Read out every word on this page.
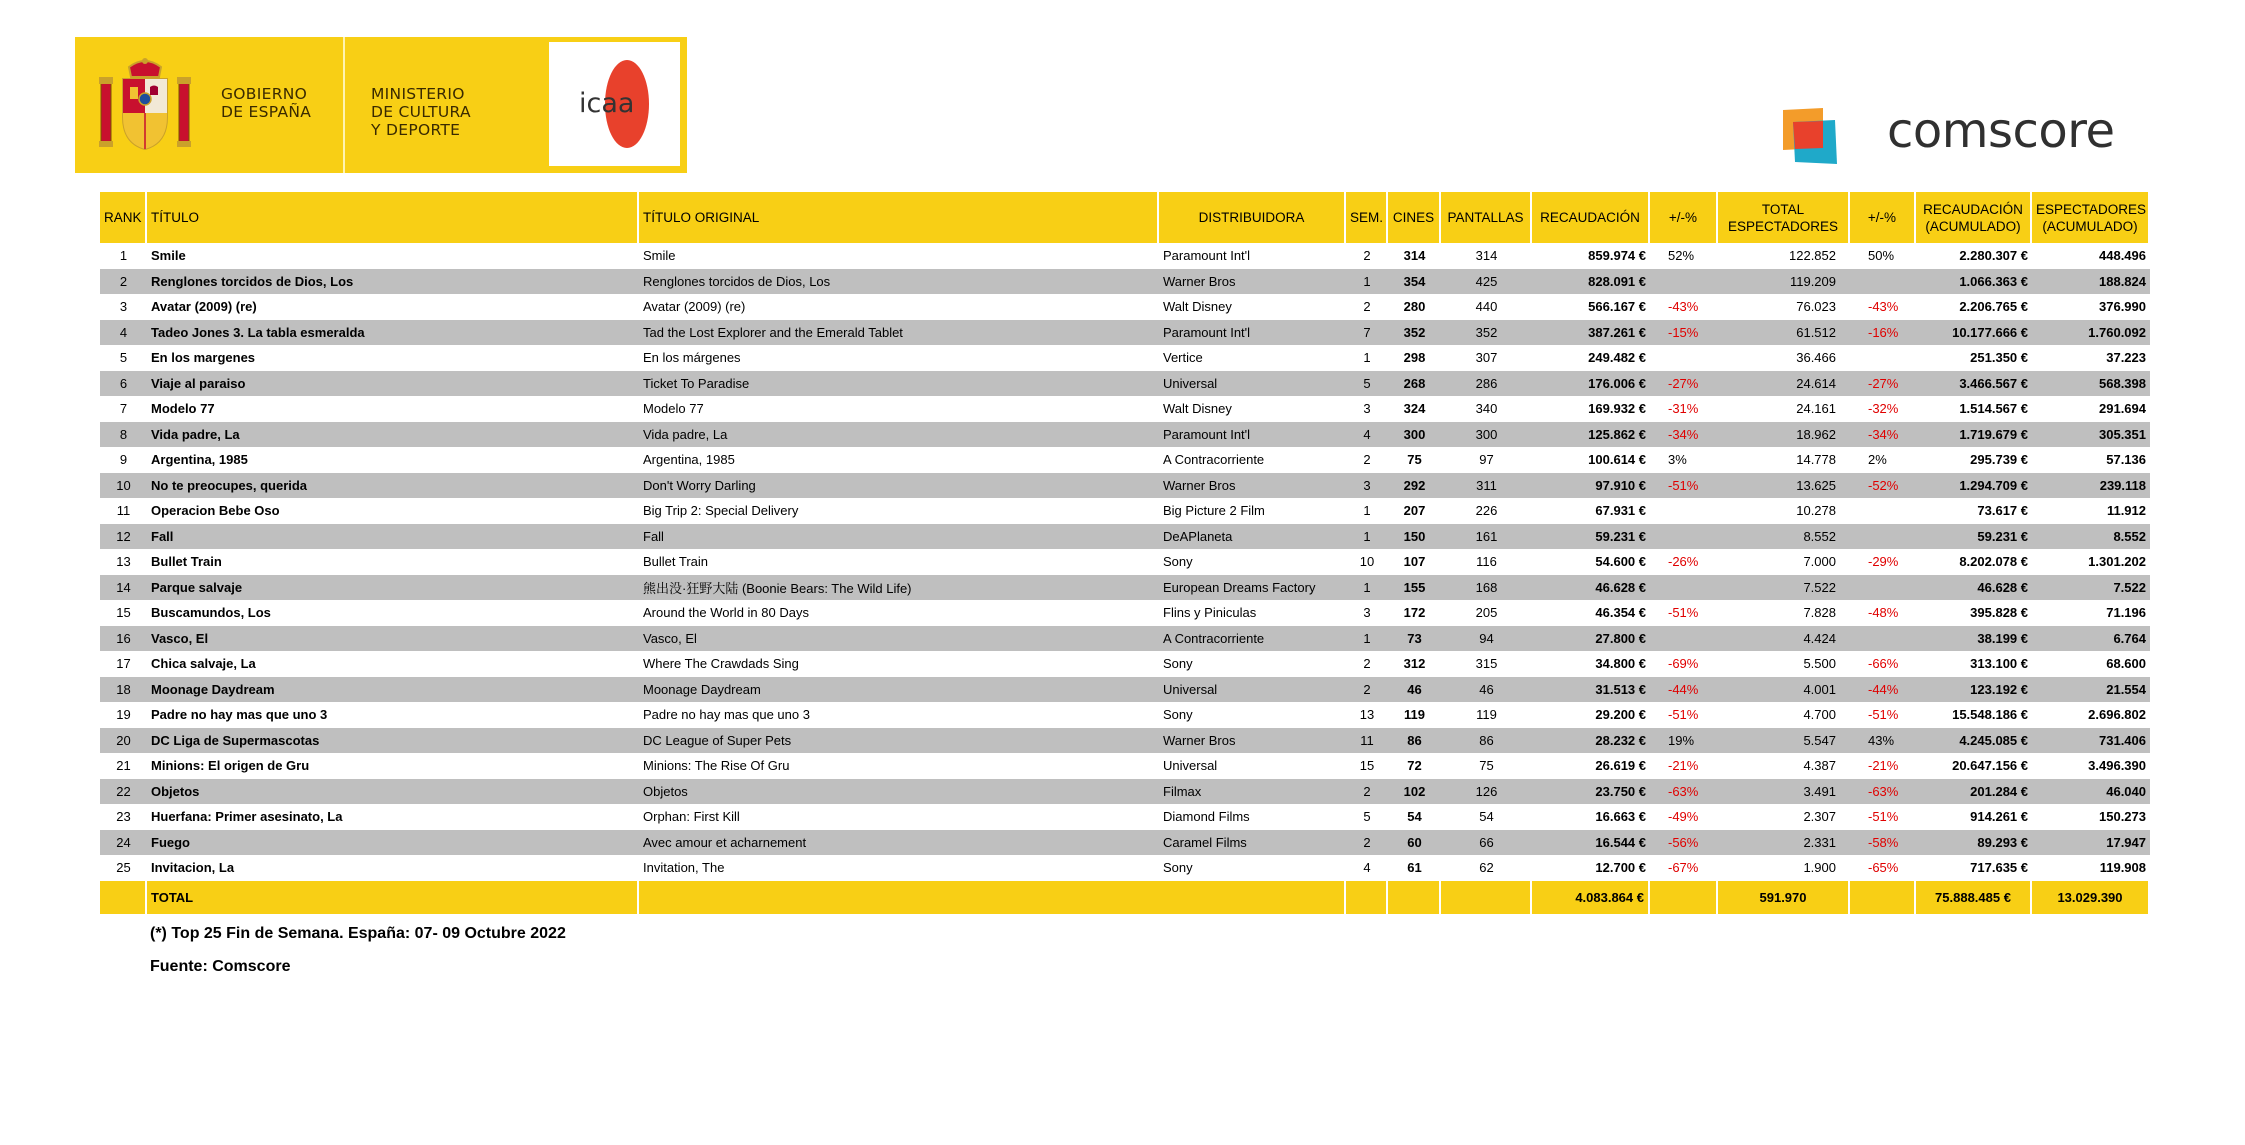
GOBIERNO
DE ESPAÑA
MINISTERIO
DE CULTURA
Y DEPORTE
icaa	comscore
RANK	TÍTULO	TÍTULO ORIGINAL	DISTRIBUIDORA	SEM.	CINES	PANTALLAS	RECAUDACIÓN	+/-%	TOTAL ESPECTADORES	+/-%	RECAUDACIÓN (ACUMULADO)	ESPECTADORES (ACUMULADO)
1	Smile	Smile	Paramount Int'l	2	314	314	859.974 €	52%	122.852	50%	2.280.307 €	448.496
2	Renglones torcidos de Dios, Los	Renglones torcidos de Dios, Los	Warner Bros	1	354	425	828.091 €		119.209		1.066.363 €	188.824
3	Avatar (2009) (re)	Avatar (2009) (re)	Walt Disney	2	280	440	566.167 €	-43%	76.023	-43%	2.206.765 €	376.990
4	Tadeo Jones 3. La tabla esmeralda	Tad the Lost Explorer and the Emerald Tablet	Paramount Int'l	7	352	352	387.261 €	-15%	61.512	-16%	10.177.666 €	1.760.092
5	En los margenes	En los márgenes	Vertice	1	298	307	249.482 €		36.466		251.350 €	37.223
6	Viaje al paraiso	Ticket To Paradise	Universal	5	268	286	176.006 €	-27%	24.614	-27%	3.466.567 €	568.398
7	Modelo 77	Modelo 77	Walt Disney	3	324	340	169.932 €	-31%	24.161	-32%	1.514.567 €	291.694
8	Vida padre, La	Vida padre, La	Paramount Int'l	4	300	300	125.862 €	-34%	18.962	-34%	1.719.679 €	305.351
9	Argentina, 1985	Argentina, 1985	A Contracorriente	2	75	97	100.614 €	3%	14.778	2%	295.739 €	57.136
10	No te preocupes, querida	Don't Worry Darling	Warner Bros	3	292	311	97.910 €	-51%	13.625	-52%	1.294.709 €	239.118
11	Operacion Bebe Oso	Big Trip 2: Special Delivery	Big Picture 2 Film	1	207	226	67.931 €		10.278		73.617 €	11.912
12	Fall	Fall	DeAPlaneta	1	150	161	59.231 €		8.552		59.231 €	8.552
13	Bullet Train	Bullet Train	Sony	10	107	116	54.600 €	-26%	7.000	-29%	8.202.078 €	1.301.202
14	Parque salvaje	熊出没·狂野大陆 (Boonie Bears: The Wild Life)	European Dreams Factory	1	155	168	46.628 €		7.522		46.628 €	7.522
15	Buscamundos, Los	Around the World in 80 Days	Flins y Piniculas	3	172	205	46.354 €	-51%	7.828	-48%	395.828 €	71.196
16	Vasco, El	Vasco, El	A Contracorriente	1	73	94	27.800 €		4.424		38.199 €	6.764
17	Chica salvaje, La	Where The Crawdads Sing	Sony	2	312	315	34.800 €	-69%	5.500	-66%	313.100 €	68.600
18	Moonage Daydream	Moonage Daydream	Universal	2	46	46	31.513 €	-44%	4.001	-44%	123.192 €	21.554
19	Padre no hay mas que uno 3	Padre no hay mas que uno 3	Sony	13	119	119	29.200 €	-51%	4.700	-51%	15.548.186 €	2.696.802
20	DC Liga de Supermascotas	DC League of Super Pets	Warner Bros	11	86	86	28.232 €	19%	5.547	43%	4.245.085 €	731.406
21	Minions: El origen de Gru	Minions: The Rise Of Gru	Universal	15	72	75	26.619 €	-21%	4.387	-21%	20.647.156 €	3.496.390
22	Objetos	Objetos	Filmax	2	102	126	23.750 €	-63%	3.491	-63%	201.284 €	46.040
23	Huerfana: Primer asesinato, La	Orphan: First Kill	Diamond Films	5	54	54	16.663 €	-49%	2.307	-51%	914.261 €	150.273
24	Fuego	Avec amour et acharnement	Caramel Films	2	60	66	16.544 €	-56%	2.331	-58%	89.293 €	17.947
25	Invitacion, La	Invitation, The	Sony	4	61	62	12.700 €	-67%	1.900	-65%	717.635 €	119.908
	TOTAL						4.083.864 €		591.970		75.888.485 €	13.029.390
(*) Top 25 Fin de Semana. España: 07- 09 Octubre 2022
Fuente: Comscore
